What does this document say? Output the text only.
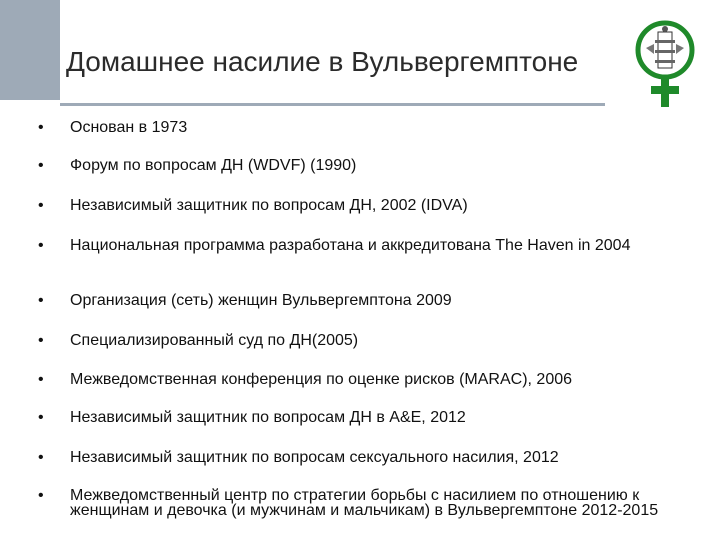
Домашнее насилие в Вульвергемптоне
•	Основан в 1973
•	Форум по вопросам ДН (WDVF) (1990)
•	Независимый защитник по вопросам ДН, 2002 (IDVA)
•	Национальная программа разработана и аккредитована The Haven in 2004
•	Организация (сеть) женщин Вульвергемптона 2009
•	Специализированный суд по ДН(2005)
•	Межведомственная конференция по оценке рисков (MARAC), 2006
•	Независимый защитник по вопросам ДН в A&E, 2012
•	Независимый защитник по вопросам сексуального насилия, 2012
•	Межведомственный центр по стратегии борьбы с насилием по отношению к женщинам и девочка (и мужчинам и мальчикам) в Вульвергемптоне 2012-2015
